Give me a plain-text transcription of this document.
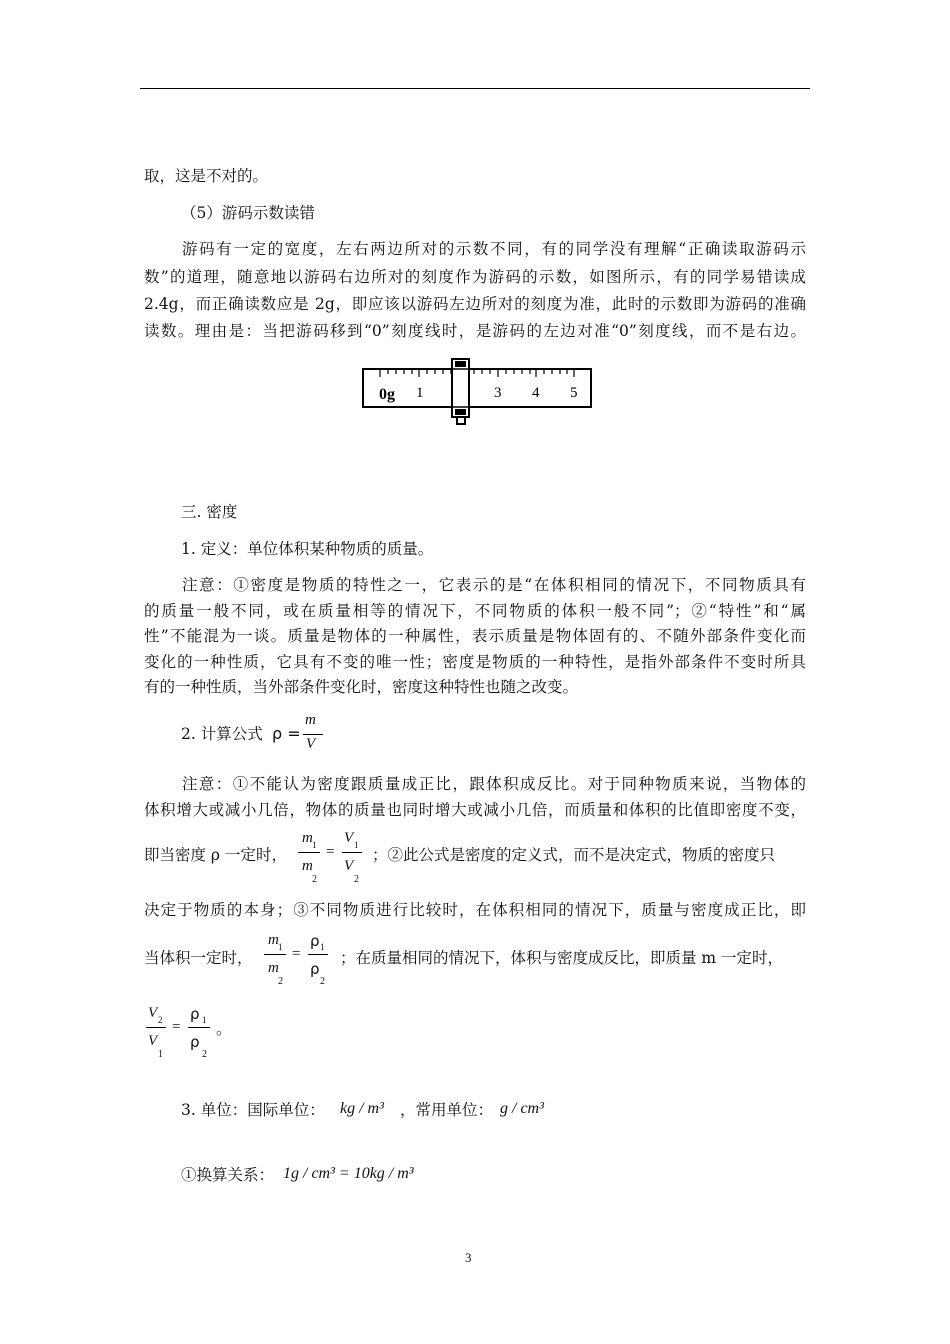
取，这是不对的。
（5）游码示数读错
游码有一定的宽度，左右两边所对的示数不同，有的同学没有理解“正确读取游码示
数”的道理，随意地以游码右边所对的刻度作为游码的示数，如图所示，有的同学易错读成
2.4g，而正确读数应是 2g，即应该以游码左边所对的刻度为准，此时的示数即为游码的准确
读数。理由是：当把游码移到“0”刻度线时，是游码的左边对准“0”刻度线，而不是右边。
0g 1	3 4 5
三. 密度
1. 定义：单位体积某种物质的质量。
注意：①密度是物质的特性之一，它表示的是“在体积相同的情况下，不同物质具有
的质量一般不同，或在质量相等的情况下，不同物质的体积一般不同”；②“特性”和“属
性”不能混为一谈。质量是物体的一种属性，表示质量是物体固有的、不随外部条件变化而
变化的一种性质，它具有不变的唯一性；密度是物质的一种特性，是指外部条件不变时所具
有的一种性质，当外部条件变化时，密度这种特性也随之改变。
2. 计算公式 ρ =
m
V
注意：①不能认为密度跟质量成正比，跟体积成反比。对于同种物质来说，当物体的
体积增大或减小几倍，物体的质量也同时增大或减小几倍，而质量和体积的比值即密度不变，
即当密度 ρ 一定时，
m 1
m
2
=
V 1
V
2
；②此公式是密度的定义式，而不是决定式，物质的密度只
决定于物质的本身；③不同物质进行比较时，在体积相同的情况下，质量与密度成正比，即
当体积一定时，
m 1
m
2
=
ρ 1
ρ
2
；在质量相同的情况下，体积与密度成反比，即质量 m 一定时，
V 2
V
1
=
ρ 1
ρ
2
。
3. 单位：国际单位： kg / m³ ，常用单位： g / cm³
①换算关系： 1g / cm³ = 10kg / m³
3
